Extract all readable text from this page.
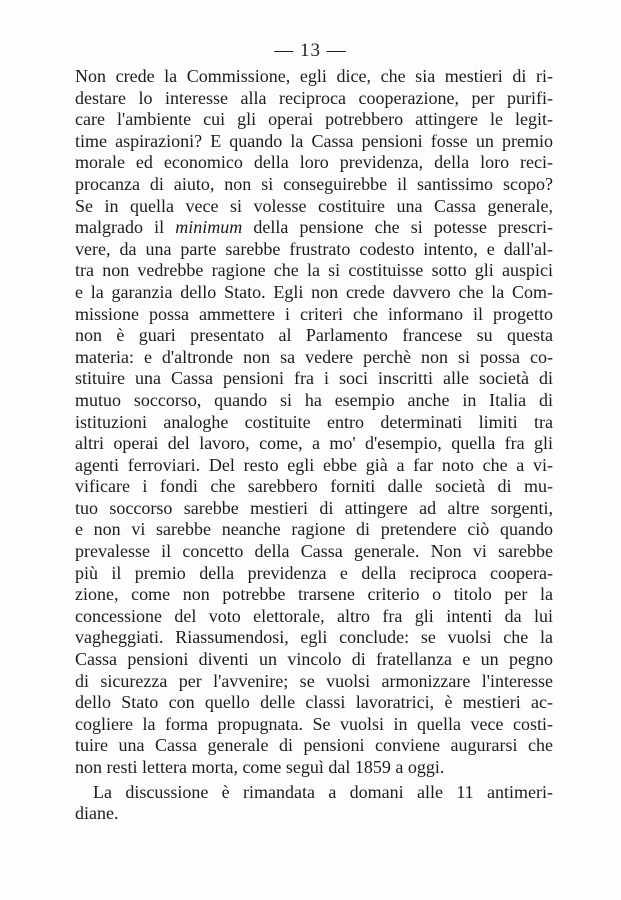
— 13 —
Non crede la Commissione, egli dice, che sia mestieri di ri-
destare lo interesse alla reciproca cooperazione, per purifi-
care l'ambiente cui gli operai potrebbero attingere le legit-
time aspirazioni? E quando la Cassa pensioni fosse un premio
morale ed economico della loro previdenza, della loro reci-
procanza di aiuto, non si conseguirebbe il santissimo scopo?
Se in quella vece si volesse costituire una Cassa generale,
malgrado il minimum della pensione che si potesse prescri-
vere, da una parte sarebbe frustrato codesto intento, e dall'al-
tra non vedrebbe ragione che la si costituisse sotto gli auspici
e la garanzia dello Stato. Egli non crede davvero che la Com-
missione possa ammettere i criteri che informano il progetto
non è guari presentato al Parlamento francese su questa
materia: e d'altronde non sa vedere perchè non si possa co-
stituire una Cassa pensioni fra i soci inscritti alle società di
mutuo soccorso, quando si ha esempio anche in Italia di
istituzioni analoghe costituite entro determinati limiti tra
altri operai del lavoro, come, a mo' d'esempio, quella fra gli
agenti ferroviari. Del resto egli ebbe già a far noto che a vi-
vificare i fondi che sarebbero forniti dalle società di mu-
tuo soccorso sarebbe mestieri di attingere ad altre sorgenti,
e non vi sarebbe neanche ragione di pretendere ciò quando
prevalesse il concetto della Cassa generale. Non vi sarebbe
più il premio della previdenza e della reciproca coopera-
zione, come non potrebbe trarsene criterio o titolo per la
concessione del voto elettorale, altro fra gli intenti da lui
vagheggiati. Riassumendosi, egli conclude: se vuolsi che la
Cassa pensioni diventi un vincolo di fratellanza e un pegno
di sicurezza per l'avvenire; se vuolsi armonizzare l'interesse
dello Stato con quello delle classi lavoratrici, è mestieri ac-
cogliere la forma propugnata. Se vuolsi in quella vece costi-
tuire una Cassa generale di pensioni conviene augurarsi che
non resti lettera morta, come seguì dal 1859 a oggi.
La discussione è rimandata a domani alle 11 antimeri-
diane.
